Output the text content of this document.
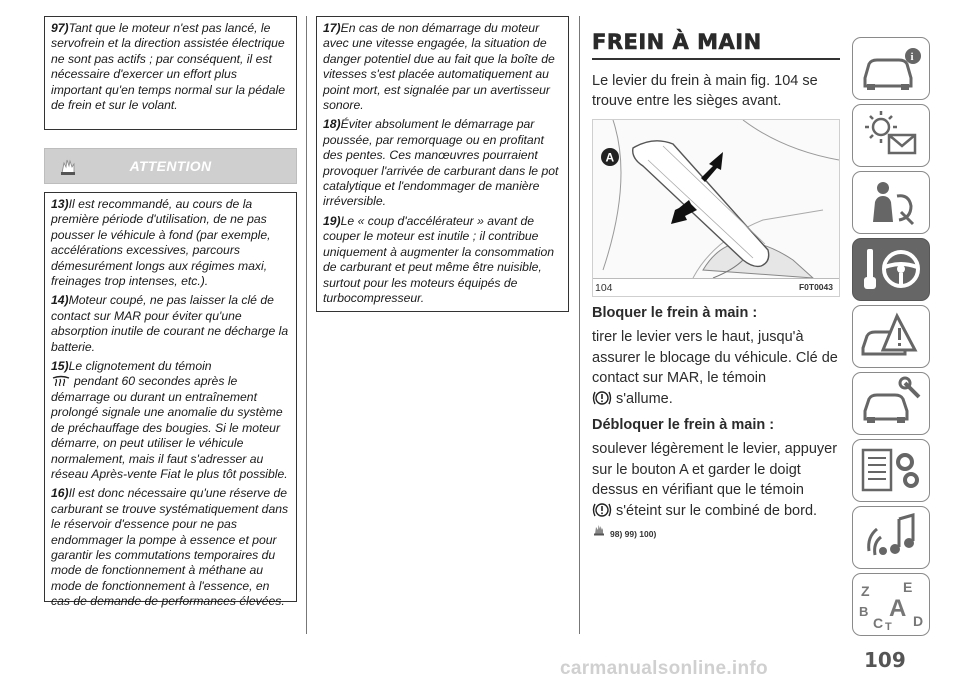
97)Tant que le moteur n'est pas lancé, le servofrein et la direction assistée électrique ne sont pas actifs ; par conséquent, il est nécessaire d'exercer un effort plus important qu'en temps normal sur la pédale de frein et sur le volant.

ATTENTION

13)Il est recommandé, au cours de la première période d'utilisation, de ne pas pousser le véhicule à fond (par exemple, accélérations excessives, parcours démesurément longs aux régimes maxi, freinages trop intenses, etc.).

14)Moteur coupé, ne pas laisser la clé de contact sur MAR pour éviter qu'une absorption inutile de courant ne décharge la batterie.

15)Le clignotement du témoin
pendant 60 secondes après le démarrage ou durant un entraînement prolongé signale une anomalie du système de préchauffage des bougies. Si le moteur démarre, on peut utiliser le véhicule normalement, mais il faut s'adresser au réseau Après-vente Fiat le plus tôt possible.

16)Il est donc nécessaire qu'une réserve de carburant se trouve systématiquement dans le réservoir d'essence pour ne pas endommager la pompe à essence et pour garantir les commutations temporaires du mode de fonctionnement à méthane au mode de fonctionnement à l'essence, en cas de demande de performances élevées.

17)En cas de non démarrage du moteur avec une vitesse engagée, la situation de danger potentiel due au fait que la boîte de vitesses s'est placée automatiquement au point mort, est signalée par un avertisseur sonore.

18)Éviter absolument le démarrage par poussée, par remorquage ou en profitant des pentes. Ces manœuvres pourraient provoquer l'arrivée de carburant dans le pot catalytique et l'endommager de manière irréversible.

19)Le « coup d'accélérateur » avant de couper le moteur est inutile ; il contribue uniquement à augmenter la consommation de carburant et peut même être nuisible, surtout pour les moteurs équipés de turbocompresseur.

FREIN À MAIN
Le levier du frein à main fig. 104 se trouve entre les sièges avant.
A
104	F0T0043
Bloquer le frein à main :
tirer le levier vers le haut, jusqu'à assurer le blocage du véhicule. Clé de contact sur MAR, le témoin
s'allume.
Débloquer le frein à main :
soulever légèrement le levier, appuyer sur le bouton A et garder le doigt dessus en vérifiant que le témoin
s'éteint sur le combiné de bord.
98) 99) 100)
i
Z E
B A
C T D
109
carmanualsonline.info
